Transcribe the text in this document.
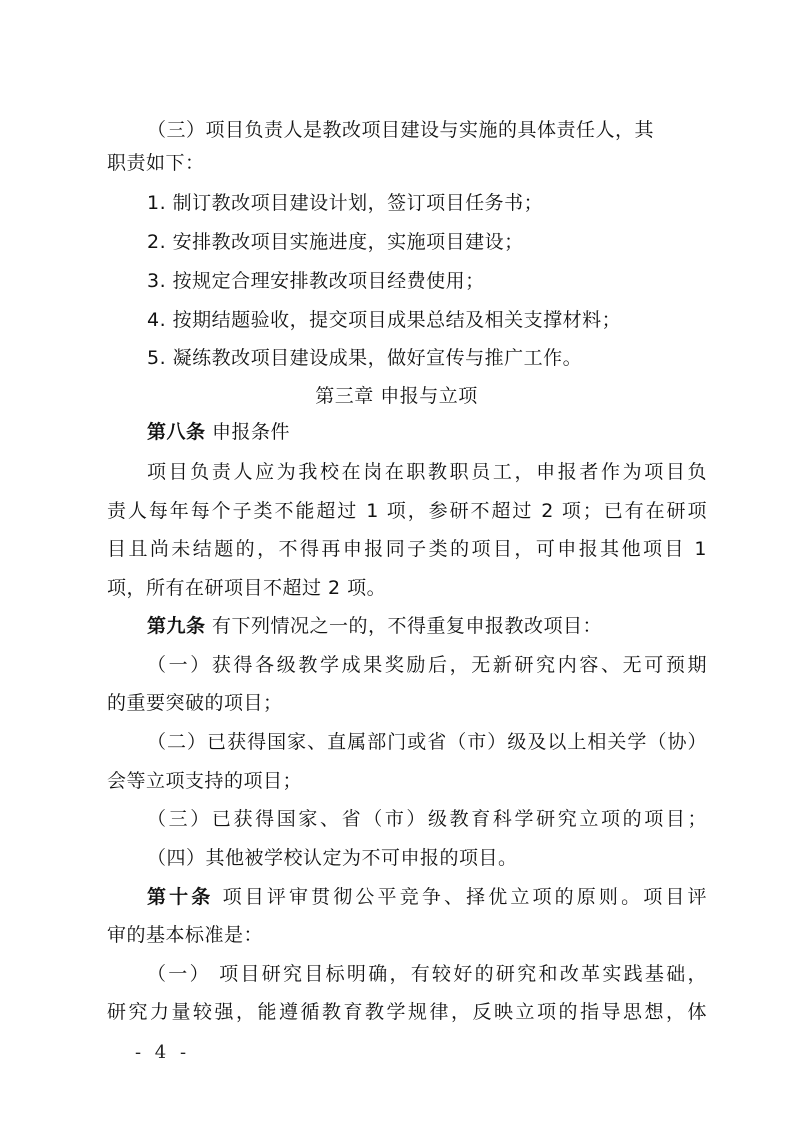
（三）项目负责人是教改项目建设与实施的具体责任人，其
职责如下：
1. 制订教改项目建设计划，签订项目任务书；
2. 安排教改项目实施进度，实施项目建设；
3. 按规定合理安排教改项目经费使用；
4. 按期结题验收，提交项目成果总结及相关支撑材料；
5. 凝练教改项目建设成果，做好宣传与推广工作。
第三章 申报与立项
第八条 申报条件
项目负责人应为我校在岗在职教职员工，申报者作为项目负
责人每年每个子类不能超过 1 项，参研不超过 2 项；已有在研项
目且尚未结题的，不得再申报同子类的项目，可申报其他项目 1
项，所有在研项目不超过 2 项。
第九条 有下列情况之一的，不得重复申报教改项目：
（一）获得各级教学成果奖励后，无新研究内容、无可预期
的重要突破的项目；
（二）已获得国家、直属部门或省（市）级及以上相关学（协）
会等立项支持的项目；
（三）已获得国家、省（市）级教育科学研究立项的项目；
（四）其他被学校认定为不可申报的项目。
第十条 项目评审贯彻公平竞争、择优立项的原则。项目评
审的基本标准是：
（一） 项目研究目标明确，有较好的研究和改革实践基础，
研究力量较强，能遵循教育教学规律，反映立项的指导思想，体
- 4 -
